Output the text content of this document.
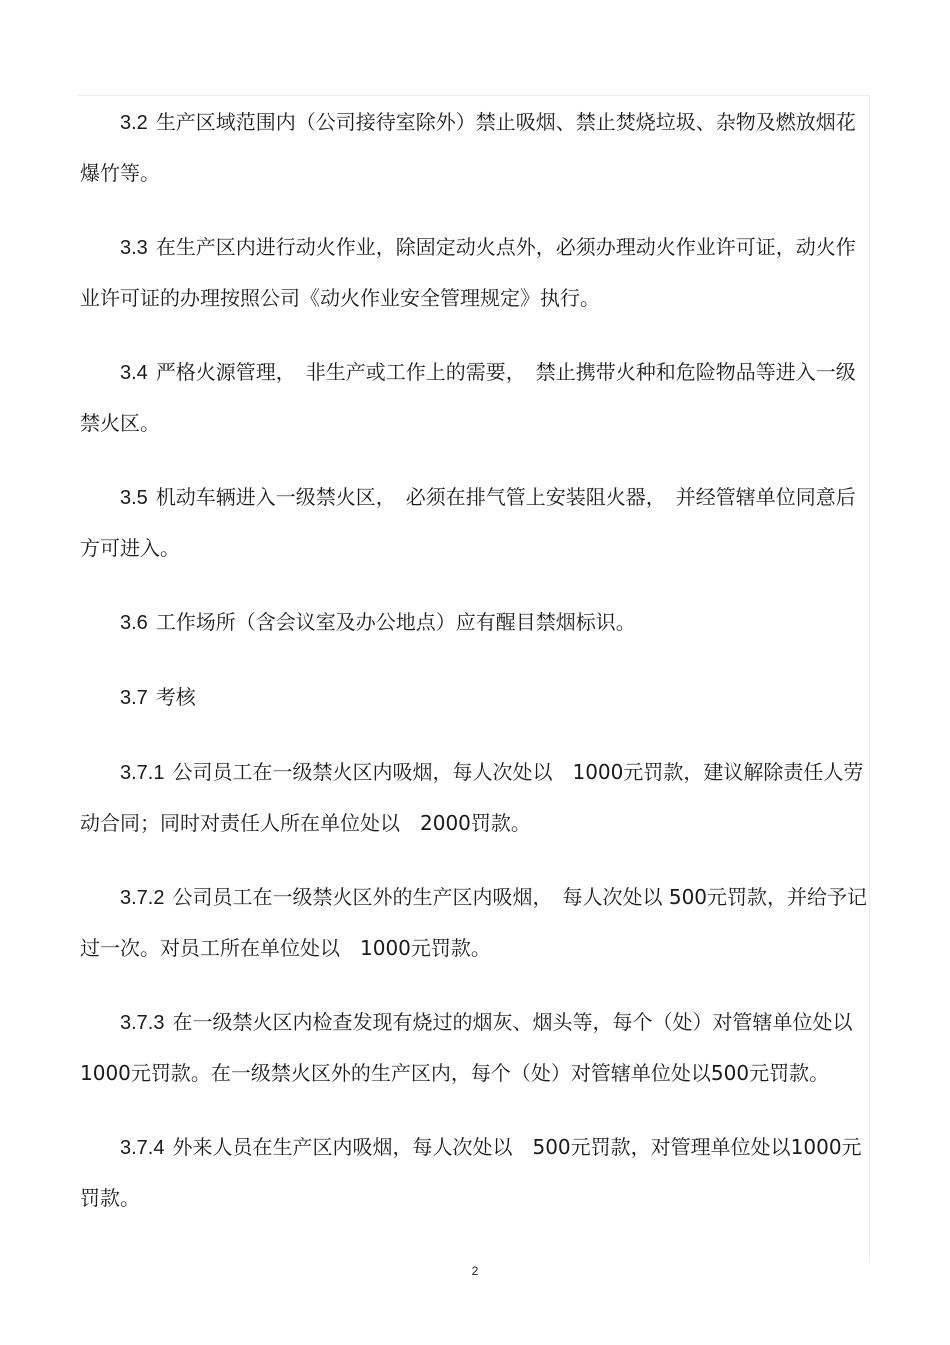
3.2 生产区域范围内（公司接待室除外）禁止吸烟、禁止焚烧垃圾、杂物及燃放烟花爆竹等。

3.3 在生产区内进行动火作业，除固定动火点外，必须办理动火作业许可证，动火作业许可证的办理按照公司《动火作业安全管理规定》执行。

3.4 严格火源管理，　非生产或工作上的需要，　禁止携带火种和危险物品等进入一级禁火区。

3.5 机动车辆进入一级禁火区，　必须在排气管上安装阻火器，　并经管辖单位同意后方可进入。

3.6 工作场所（含会议室及办公地点）应有醒目禁烟标识。

3.7 考核

3.7.1 公司员工在一级禁火区内吸烟，每人次处以　1000元罚款，建议解除责任人劳动合同；同时对责任人所在单位处以　2000罚款。

3.7.2 公司员工在一级禁火区外的生产区内吸烟，　每人次处以 500元罚款，并给予记过一次。对员工所在单位处以　1000元罚款。

3.7.3 在一级禁火区内检查发现有烧过的烟灰、烟头等，每个（处）对管辖单位处以 1000元罚款。在一级禁火区外的生产区内，每个（处）对管辖单位处以500元罚款。

3.7.4 外来人员在生产区内吸烟，每人次处以　500元罚款，对管理单位处以1000元罚款。

2
